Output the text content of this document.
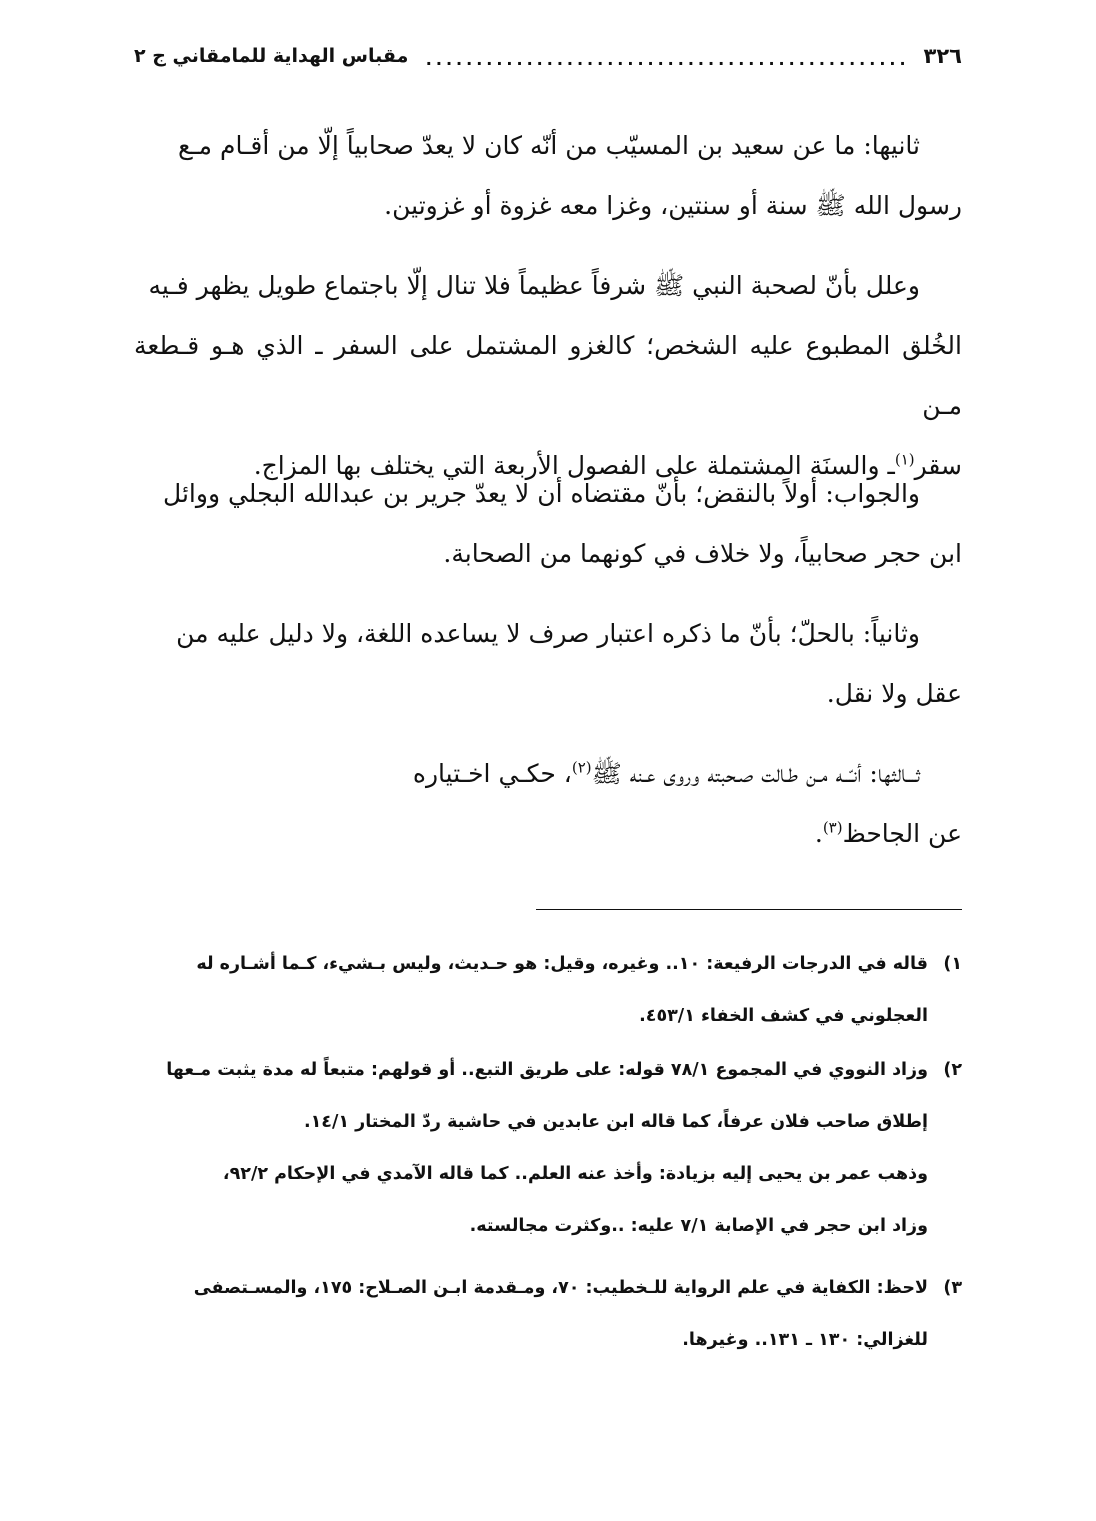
٣٢٦
.....
مقباس الهداية للمامقاني ج ٢
ثانيها: ما عن سعيد بن المسيّب من أنّه كان لا يعدّ صحابياً إلّا من أقـام مـع
رسول الله ﷺ سنة أو سنتين، وغزا معه غزوة أو غزوتين.
وعلل بأنّ لصحبة النبي ﷺ شرفاً عظيماً فلا تنال إلّا باجتماع طويل يظهر فـيه
الخُلق المطبوع عليه الشخص؛ كالغزو المشتمل على السفر ـ الذي هـو قـطعة مـن
سقر$^{(١)}$ـ والسنَة المشتملة على الفصول الأربعة التي يختلف بها المزاج.
والجواب: أولاً بالنقض؛ بأنّ مقتضاه أن لا يعدّ جرير بن عبدالله البجلي ووائل
ابن حجر صحابياً، ولا خلاف في كونهما من الصحابة.
وثانياً: بالحلّ؛ بأنّ ما ذكره اعتبار صرف لا يساعده اللغة، ولا دليل عليه من
عقل ولا نقل.
ثـــالثها: أنـّــه مـن طـالت صـحبته وروى عـنه ﷺ$^{(٢)}$، حكـي اخـتياره
عن الجاحظ$^{(٣)}$.
١)قاله في الدرجات الرفيعة: ١٠.. وغيره، وقيل: هو حـديث، وليس بـشيء، كـما أشـاره له
العجلوني في كشف الخفاء ٤٥٣/١.
٢)وزاد النووي في المجموع ٧٨/١ قوله: على طريق التبع.. أو قولهم: متبعاً له مدة يثبت مـعها
إطلاق صاحب فلان عرفاً، كما قاله ابن عابدين في حاشية ردّ المختار ١٤/١.
وذهب عمر بن يحيى إليه بزيادة: وأخذ عنه العلم.. كما قاله الآمدي في الإحكام ٩٢/٢،
وزاد ابن حجر في الإصابة ٧/١ عليه: ..وكثرت مجالسته.
٣)لاحظ: الكفاية في علم الرواية للـخطيب: ٧٠، ومـقدمة ابـن الصـلاح: ١٧٥، والمسـتصفى
للغزالي: ١٣٠ ـ ١٣١.. وغيرها.
